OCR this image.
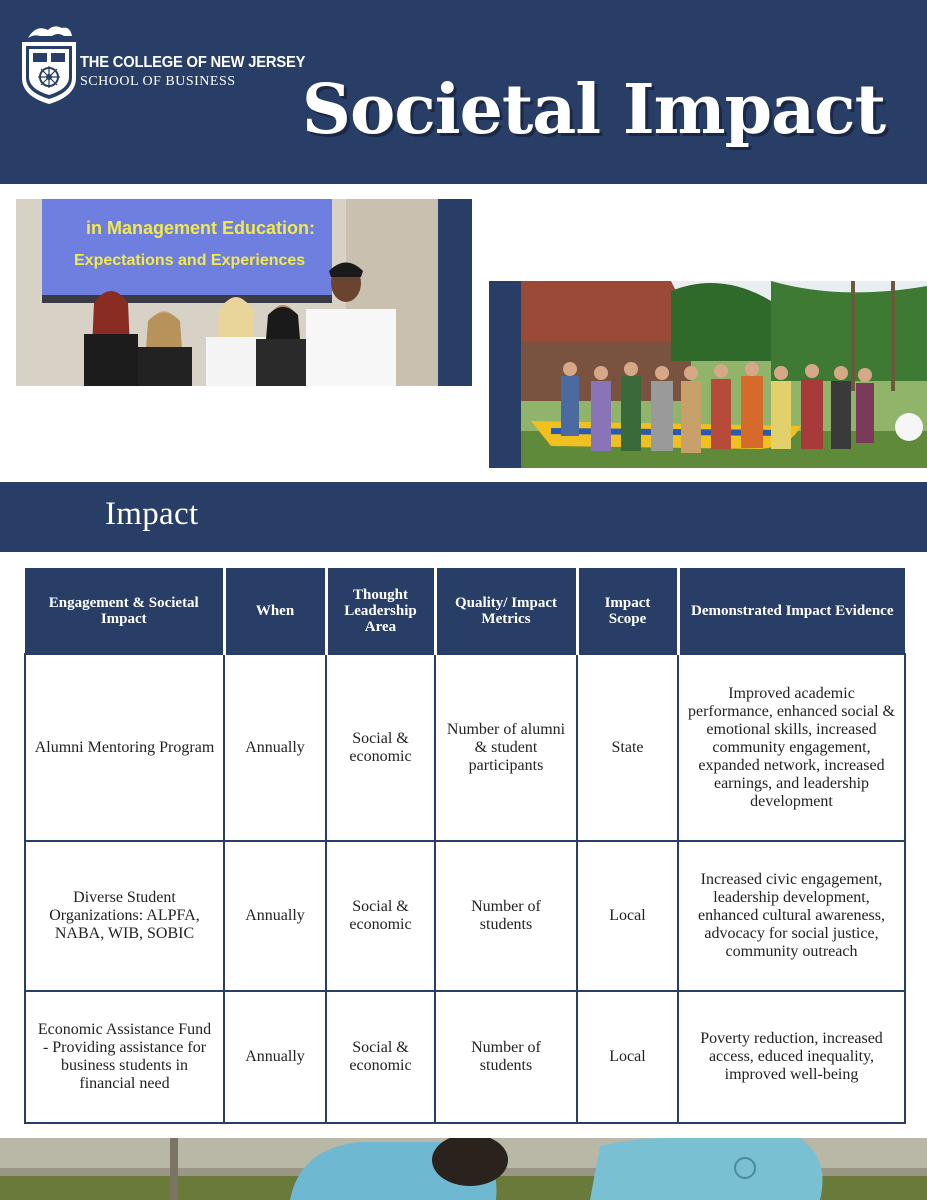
THE COLLEGE OF NEW JERSEY
SCHOOL OF BUSINESS Societal Impact
in Management Education:
Expectations and Experiences
Impact
Engagement & Societal Impact	When	Thought Leadership Area	Quality/ Impact Metrics	Impact Scope	Demonstrated Impact Evidence
Alumni Mentoring Program	Annually	Social & economic	Number of alumni & student participants	State	Improved academic performance, enhanced social & emotional skills, increased community engagement, expanded network, increased earnings, and leadership development
Diverse Student Organizations: ALPFA, NABA, WIB, SOBIC	Annually	Social & economic	Number of students	Local	Increased civic engagement, leadership development, enhanced cultural awareness, advocacy for social justice, community outreach
Economic Assistance Fund - Providing assistance for business students in financial need	Annually	Social & economic	Number of students	Local	Poverty reduction, increased access, educed inequality, improved well-being
